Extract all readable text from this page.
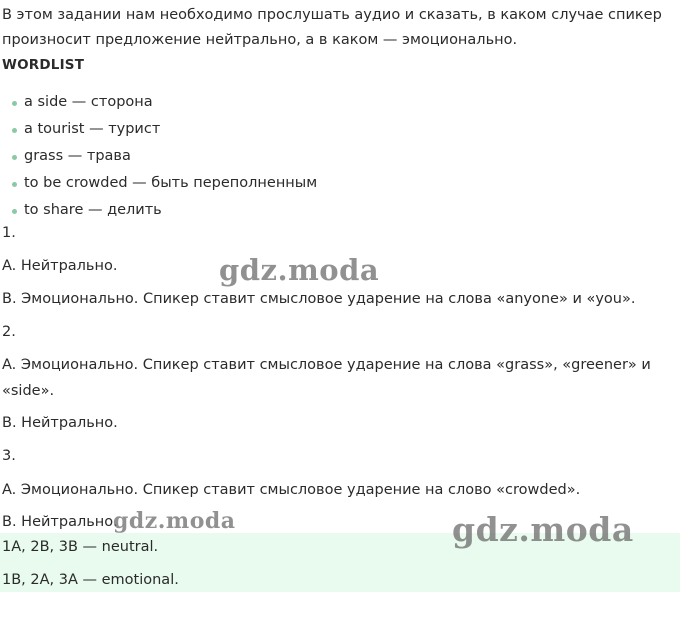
В этом задании нам необходимо прослушать аудио и сказать, в каком случае спикер произносит предложение нейтрально, а в каком — эмоционально.

WORDLIST
a side — сторона
a tourist — турист
grass — трава
to be crowded — быть переполненным
to share — делить

1.

A. Нейтрально.

B. Эмоционально. Спикер ставит смысловое ударение на слова «anyone» и «you».

2.

A. Эмоционально. Спикер ставит смысловое ударение на слова «grass», «greener» и «side».

B. Нейтрально.

3.

A. Эмоционально. Спикер ставит смысловое ударение на слово «crowded».

B. Нейтрально.

1A, 2B, 3B — neutral.

1B, 2A, 3A — emotional.

gdz.moda
gdz.moda	gdz.moda
